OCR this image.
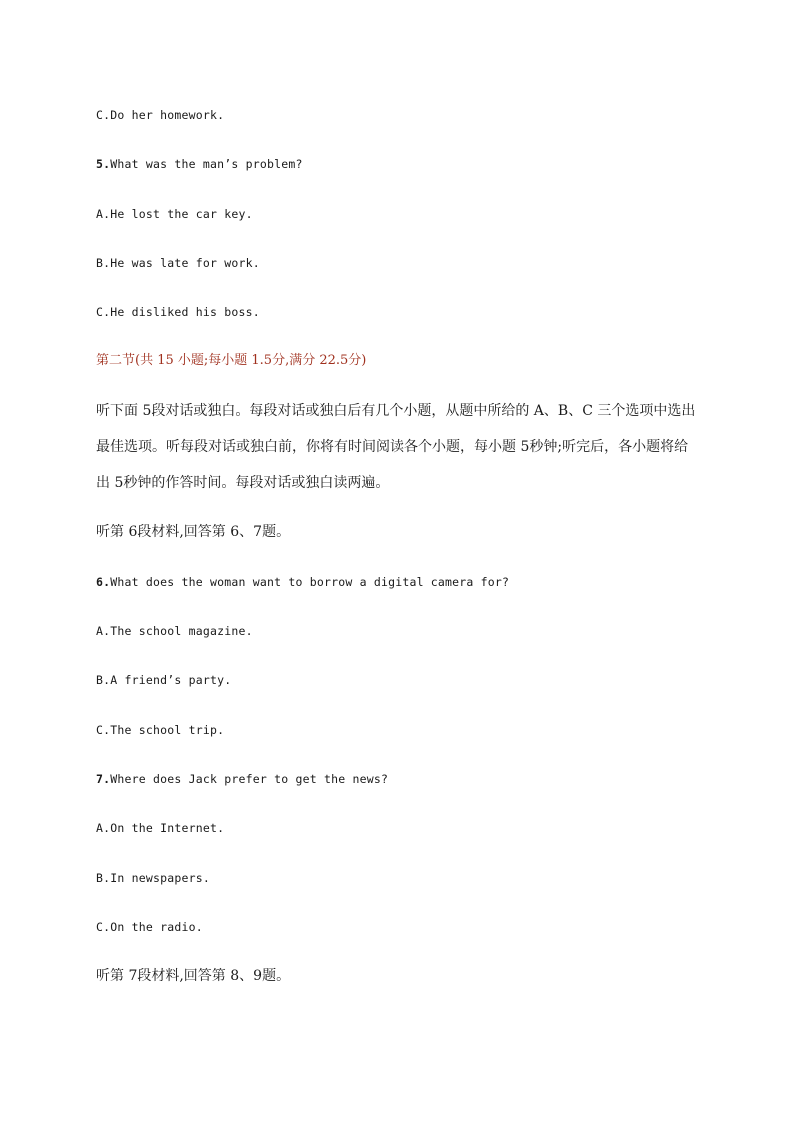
C.Do her homework.
5.What was the man’s problem?
A.He lost the car key.
B.He was late for work.
C.He disliked his boss.
第二节(共 15 小题;每小题 1.5分,满分 22.5分)
听下面 5段对话或独白。每段对话或独白后有几个小题，从题中所给的 A、B、C 三个选项中选出
最佳选项。听每段对话或独白前，你将有时间阅读各个小题，每小题 5秒钟;听完后，各小题将给
出 5秒钟的作答时间。每段对话或独白读两遍。
听第 6段材料,回答第 6、7题。
6.What does the woman want to borrow a digital camera for?
A.The school magazine.
B.A friend’s party.
C.The school trip.
7.Where does Jack prefer to get the news?
A.On the Internet.
B.In newspapers.
C.On the radio.
听第 7段材料,回答第 8、9题。
